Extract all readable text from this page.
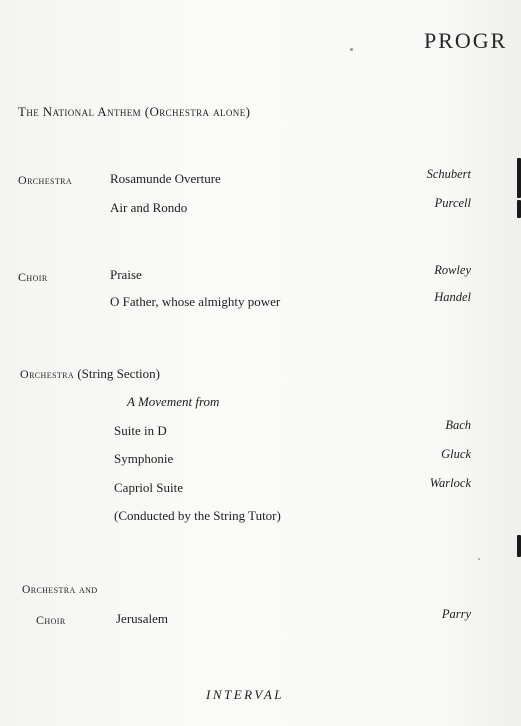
PROGR
The National Anthem (Orchestra alone)
Orchestra	Rosamunde Overture	Schubert
Air and Rondo	Purcell
Choir	Praise	Rowley
O Father, whose almighty power	Handel
Orchestra (String Section)
A Movement from
Suite in D	Bach
Symphonie	Gluck
Capriol Suite	Warlock
(Conducted by the String Tutor)
Orchestra and
Choir	Jerusalem	Parry
INTERVAL
